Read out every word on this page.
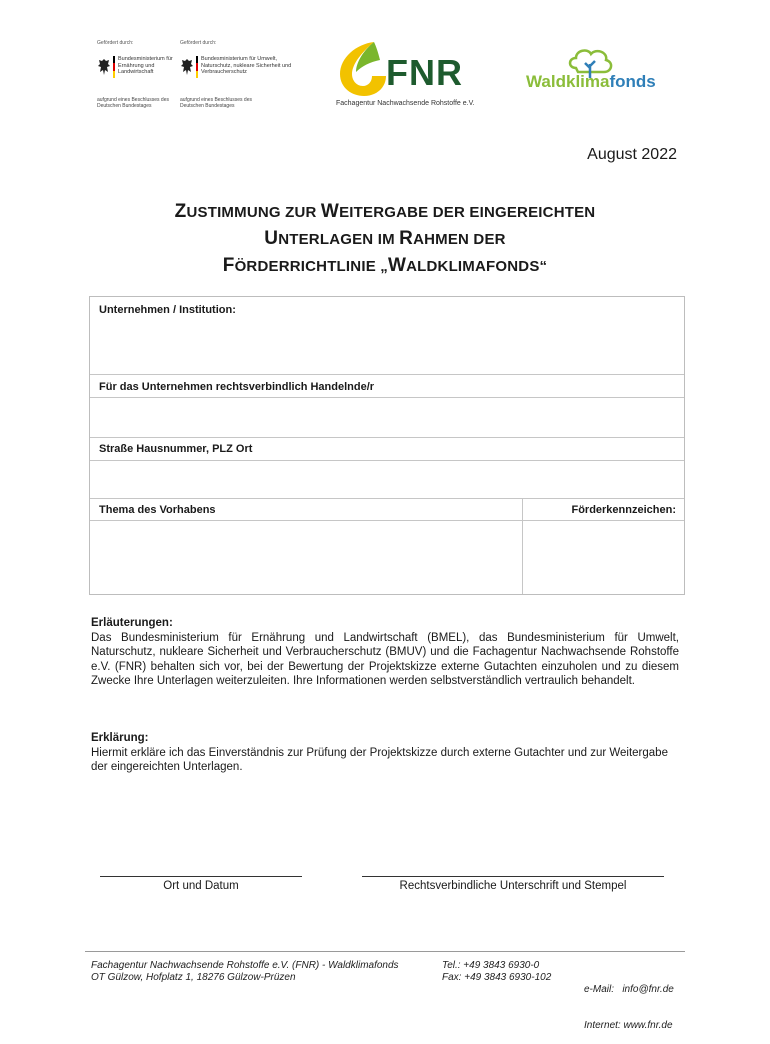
Gefördert durch:
Bundesministerium für Ernährung und Landwirtschaft
aufgrund eines Beschlusses des Deutschen Bundestages
Gefördert durch:
Bundesministerium für Umwelt, Naturschutz, nukleare Sicherheit und Verbraucherschutz
aufgrund eines Beschlusses des Deutschen Bundestages
FNR
Fachagentur Nachwachsende Rohstoffe e.V.
Waldklimafonds
August 2022
ZUSTIMMUNG ZUR WEITERGABE DER EINGEREICHTEN
UNTERLAGEN IM RAHMEN DER
FÖRDERRICHTLINIE „WALDKLIMAFONDS“
Unternehmen / Institution:
Für das Unternehmen rechtsverbindlich Handelnde/r
Straße Hausnummer, PLZ Ort
Thema des Vorhabens	Förderkennzeichen:
Erläuterungen:
Das Bundesministerium für Ernährung und Landwirtschaft (BMEL), das Bundesministerium für Umwelt, Naturschutz, nukleare Sicherheit und Verbraucherschutz (BMUV) und die Fachagentur Nachwachsende Rohstoffe e.V. (FNR) behalten sich vor, bei der Bewertung der Projektskizze externe Gutachten einzuholen und zu diesem Zwecke Ihre Unterlagen weiterzuleiten. Ihre Informationen werden selbstverständlich vertraulich behandelt.
Erklärung:
Hiermit erkläre ich das Einverständnis zur Prüfung der Projektskizze durch externe Gutachter und zur Weitergabe der eingereichten Unterlagen.
Ort und Datum	Rechtsverbindliche Unterschrift und Stempel
Fachagentur Nachwachsende Rohstoffe e.V. (FNR) - Waldklimafonds
OT Gülzow, Hofplatz 1, 18276 Gülzow-Prüzen
Tel.: +49 3843 6930-0
Fax: +49 3843 6930-102

e-Mail:   info@fnr.de

Internet: www.fnr.de
